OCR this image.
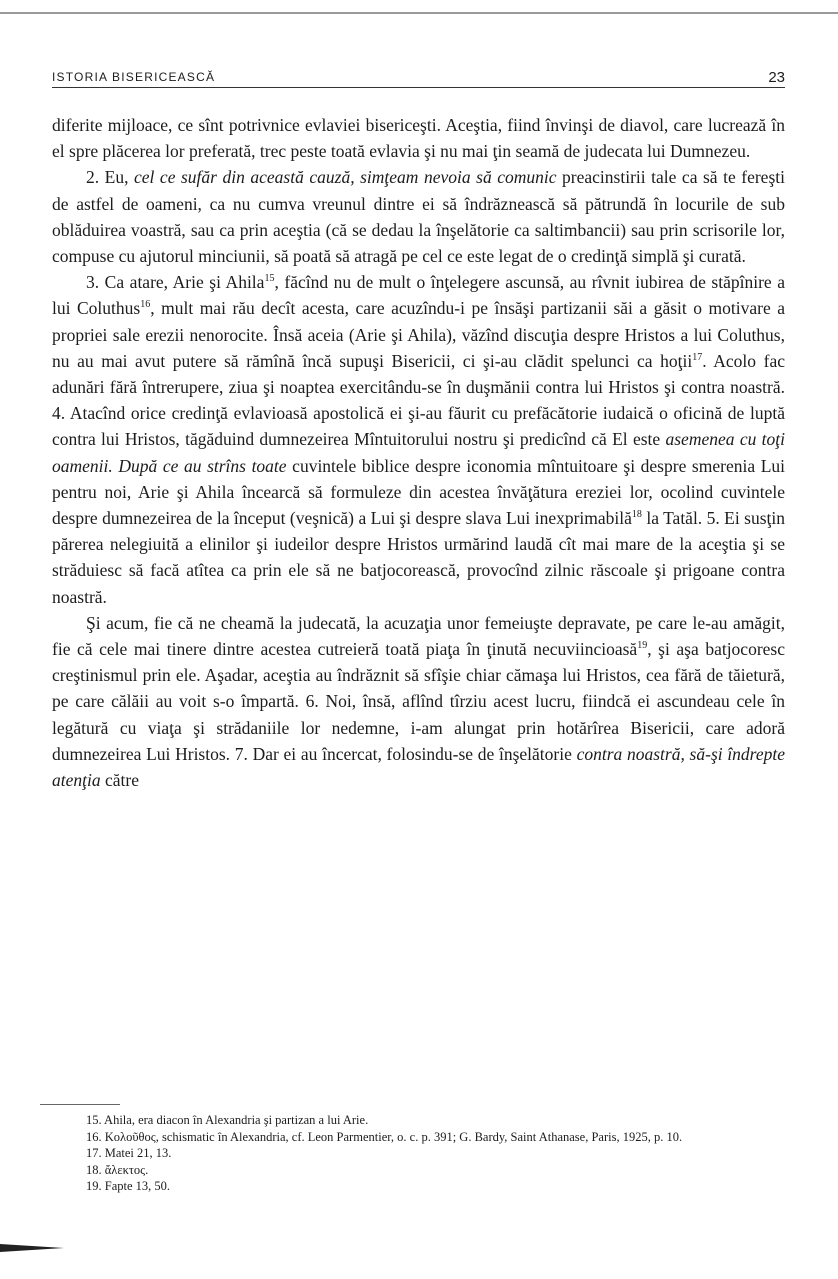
ISTORIA BISERICEASCĂ	23

diferite mijloace, ce sînt potrivnice evlaviei bisericeşti. Aceştia, fiind învinşi de diavol, care lucrează în el spre plăcerea lor preferată, trec peste toată evlavia şi nu mai ţin seamă de judecata lui Dumnezeu.

2. Eu, cel ce sufăr din această cauză, simţeam nevoia să comunic preacinstirii tale ca să te fereşti de astfel de oameni, ca nu cumva vreunul dintre ei să îndrăznească să pătrundă în locurile de sub oblăduirea voastră, sau ca prin aceştia (că se dedau la înşelătorie ca saltimbancii) sau prin scrisorile lor, compuse cu ajutorul minciunii, să poată să atragă pe cel ce este legat de o credinţă simplă şi curată.

3. Ca atare, Arie şi Ahila$^{15}$, făcînd nu de mult o înţelegere ascunsă, au rîvnit iubirea de stăpînire a lui Coluthus$^{16}$, mult mai rău decît acesta, care acuzîndu-i pe însăşi partizanii săi a găsit o motivare a propriei sale erezii nenorocite. Însă aceia (Arie şi Ahila), văzînd discuţia despre Hristos a lui Coluthus, nu au mai avut putere să rămînă încă supuşi Bisericii, ci şi-au clădit spelunci ca hoţii$^{17}$. Acolo fac adunări fără întrerupere, ziua şi noaptea exercitându-se în duşmănii contra lui Hristos şi contra noastră. 4. Atacînd orice credinţă evlavioasă apostolică ei şi-au făurit cu prefăcătorie iudaică o oficină de luptă contra lui Hristos, tăgăduind dumnezeirea Mîntuitorului nostru şi predicînd că El este asemenea cu toţi oamenii. După ce au strîns toate cuvintele biblice despre iconomia mîntuitoare şi despre smerenia Lui pentru noi, Arie şi Ahila încearcă să formuleze din acestea învăţătura ereziei lor, ocolind cuvintele despre dumnezeirea de la început (veşnică) a Lui şi despre slava Lui inexprimabilă$^{18}$ la Tatăl. 5. Ei susţin părerea nelegiuită a elinilor şi iudeilor despre Hristos urmărind laudă cît mai mare de la aceştia şi se străduiesc să facă atîtea ca prin ele să ne batjocorească, provocînd zilnic răscoale şi prigoane contra noastră.

Şi acum, fie că ne cheamă la judecată, la acuzaţia unor femeiuşte depravate, pe care le-au amăgit, fie că cele mai tinere dintre acestea cutreieră toată piaţa în ţinută necuviincioasă$^{19}$, şi aşa batjocoresc creştinismul prin ele. Aşadar, aceştia au îndrăznit să sfîşie chiar cămaşa lui Hristos, cea fără de tăietură, pe care călăii au voit s-o împartă. 6. Noi, însă, aflînd tîrziu acest lucru, fiindcă ei ascundeau cele în legătură cu viaţa şi strădaniile lor nedemne, i-am alungat prin hotărîrea Bisericii, care adoră dumnezeirea Lui Hristos. 7. Dar ei au încercat, folosindu-se de înşelătorie contra noastră, să-şi îndrepte atenţia către

15. Ahila, era diacon în Alexandria şi partizan a lui Arie.

16. Κολοῦθος, schismatic în Alexandria, cf. Leon Parmentier, o. c. p. 391; G. Bardy, Saint Athanase, Paris, 1925, p. 10.

17. Matei 21, 13.

18. ἄλεκτος.

19. Fapte 13, 50.
